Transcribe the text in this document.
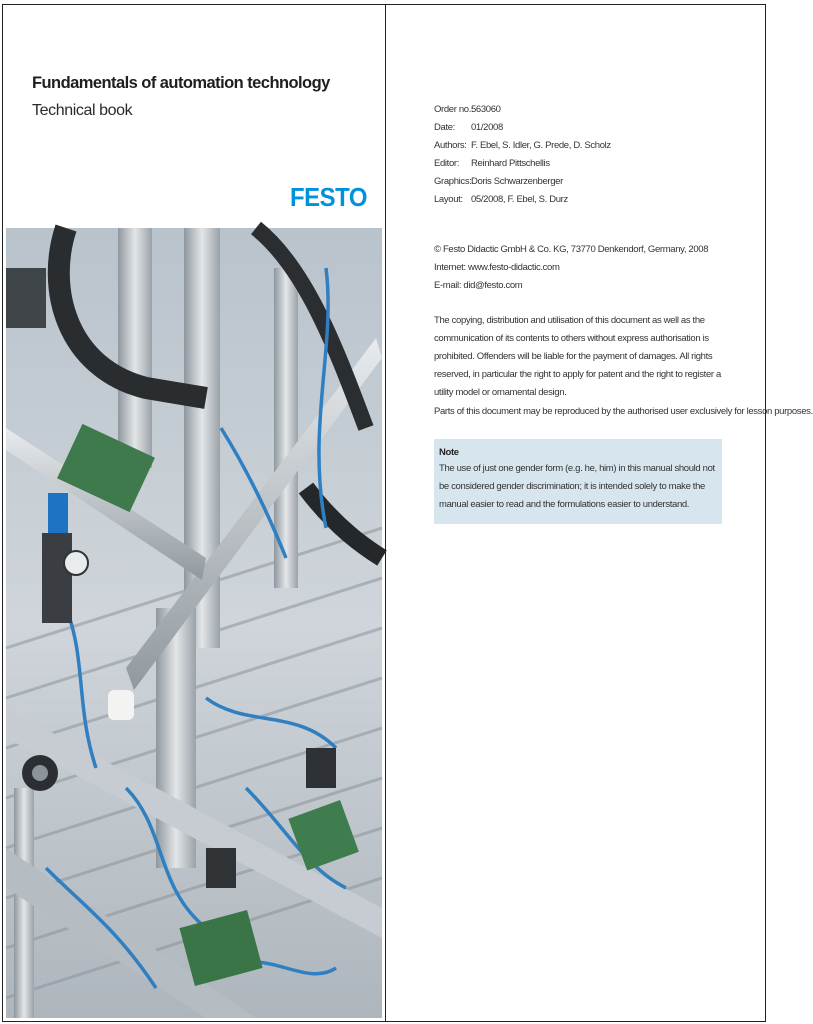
Fundamentals of automation technology
Technical book
FESTO
Order no.:
563060
Date:	01/2008
Authors: F. Ebel, S. Idler, G. Prede, D. Scholz
Editor:	Reinhard Pittschellis
Graphics: Doris Schwarzenberger
Layout: 05/2008, F. Ebel, S. Durz
© Festo Didactic GmbH & Co. KG, 73770 Denkendorf, Germany, 2008
Internet: www.festo-didactic.com
E-mail: did@festo.com
The copying, distribution and utilisation of this document as well as the communication of its contents to others without express authorisation is prohibited. Offenders will be liable for the payment of damages. All rights reserved, in particular the right to apply for patent and the right to register a utility model or ornamental design.
Parts of this document may be reproduced by the authorised user exclusively for lesson purposes.
Note
The use of just one gender form (e.g. he, him) in this manual should not be considered gender discrimination; it is intended solely to make the manual easier to read and the formulations easier to understand.
